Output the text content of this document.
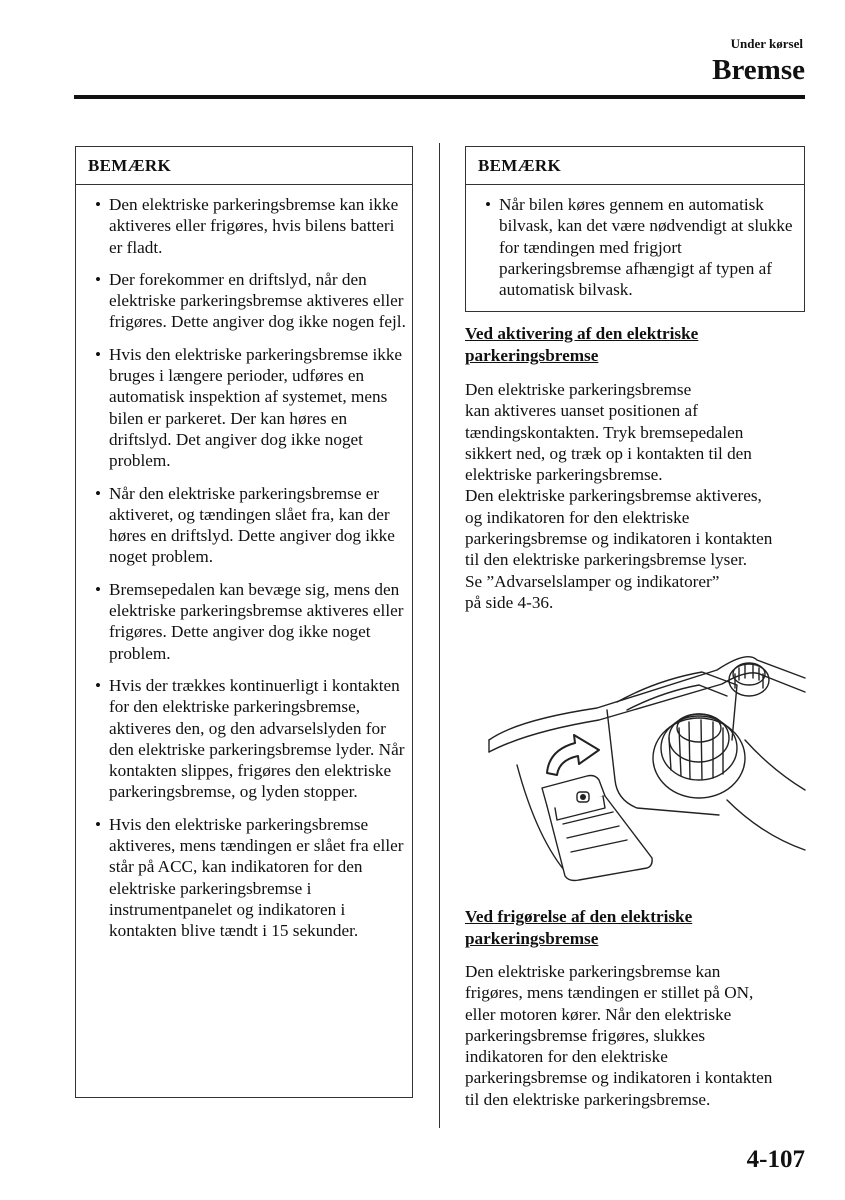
Under kørsel
Bremse
BEMÆRK
• Den elektriske parkeringsbremse kan ikke aktiveres eller frigøres, hvis bilens batteri er fladt.
• Der forekommer en driftslyd, når den elektriske parkeringsbremse aktiveres eller frigøres. Dette angiver dog ikke nogen fejl.
• Hvis den elektriske parkeringsbremse ikke bruges i længere perioder, udføres en automatisk inspektion af systemet, mens bilen er parkeret. Der kan høres en driftslyd. Det angiver dog ikke noget problem.
• Når den elektriske parkeringsbremse er aktiveret, og tændingen slået fra, kan der høres en driftslyd. Dette angiver dog ikke noget problem.
• Bremsepedalen kan bevæge sig, mens den elektriske parkeringsbremse aktiveres eller frigøres. Dette angiver dog ikke noget problem.
• Hvis der trækkes kontinuerligt i kontakten for den elektriske parkeringsbremse, aktiveres den, og den advarselslyden for den elektriske parkeringsbremse lyder. Når kontakten slippes, frigøres den elektriske parkeringsbremse, og lyden stopper.
• Hvis den elektriske parkeringsbremse aktiveres, mens tændingen er slået fra eller står på ACC, kan indikatoren for den elektriske parkeringsbremse i instrumentpanelet og indikatoren i kontakten blive tændt i 15 sekunder.
BEMÆRK
• Når bilen køres gennem en automatisk bilvask, kan det være nødvendigt at slukke for tændingen med frigjort parkeringsbremse afhængigt af typen af automatisk bilvask.
Ved aktivering af den elektriske
parkeringsbremse
Den elektriske parkeringsbremse
kan aktiveres uanset positionen af
tændingskontakten. Tryk bremsepedalen
sikkert ned, og træk op i kontakten til den
elektriske parkeringsbremse.
Den elektriske parkeringsbremse aktiveres,
og indikatoren for den elektriske
parkeringsbremse og indikatoren i kontakten
til den elektriske parkeringsbremse lyser.
Se ”Advarselslamper og indikatorer”
på side 4-36.
Ved frigørelse af den elektriske
parkeringsbremse
Den elektriske parkeringsbremse kan
frigøres, mens tændingen er stillet på ON,
eller motoren kører. Når den elektriske
parkeringsbremse frigøres, slukkes
indikatoren for den elektriske
parkeringsbremse og indikatoren i kontakten
til den elektriske parkeringsbremse.
4-107
